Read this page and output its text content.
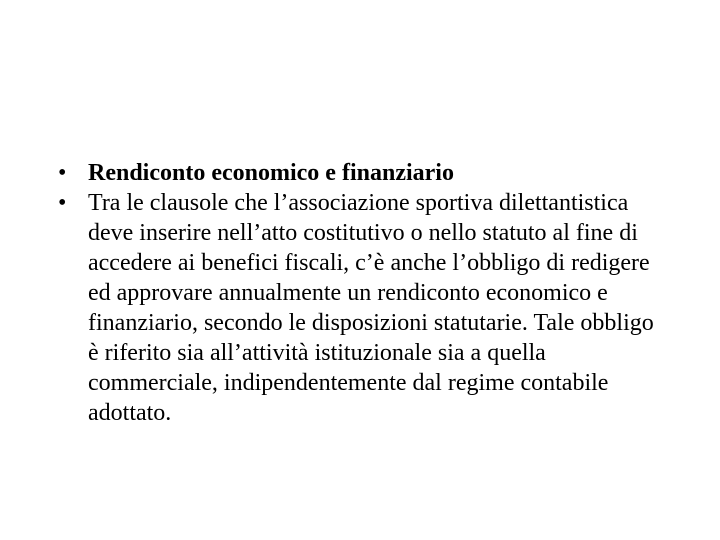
• Rendiconto economico e finanziario
• Tra le clausole che l’associazione sportiva dilettantistica deve inserire nell’atto costitutivo o nello statuto al fine di accedere ai benefici fiscali, c’è anche l’obbligo di redigere ed approvare annualmente un rendiconto economico e finanziario, secondo le disposizioni statutarie. Tale obbligo è riferito sia all’attività istituzionale sia a quella commerciale, indipendentemente dal regime contabile adottato.
